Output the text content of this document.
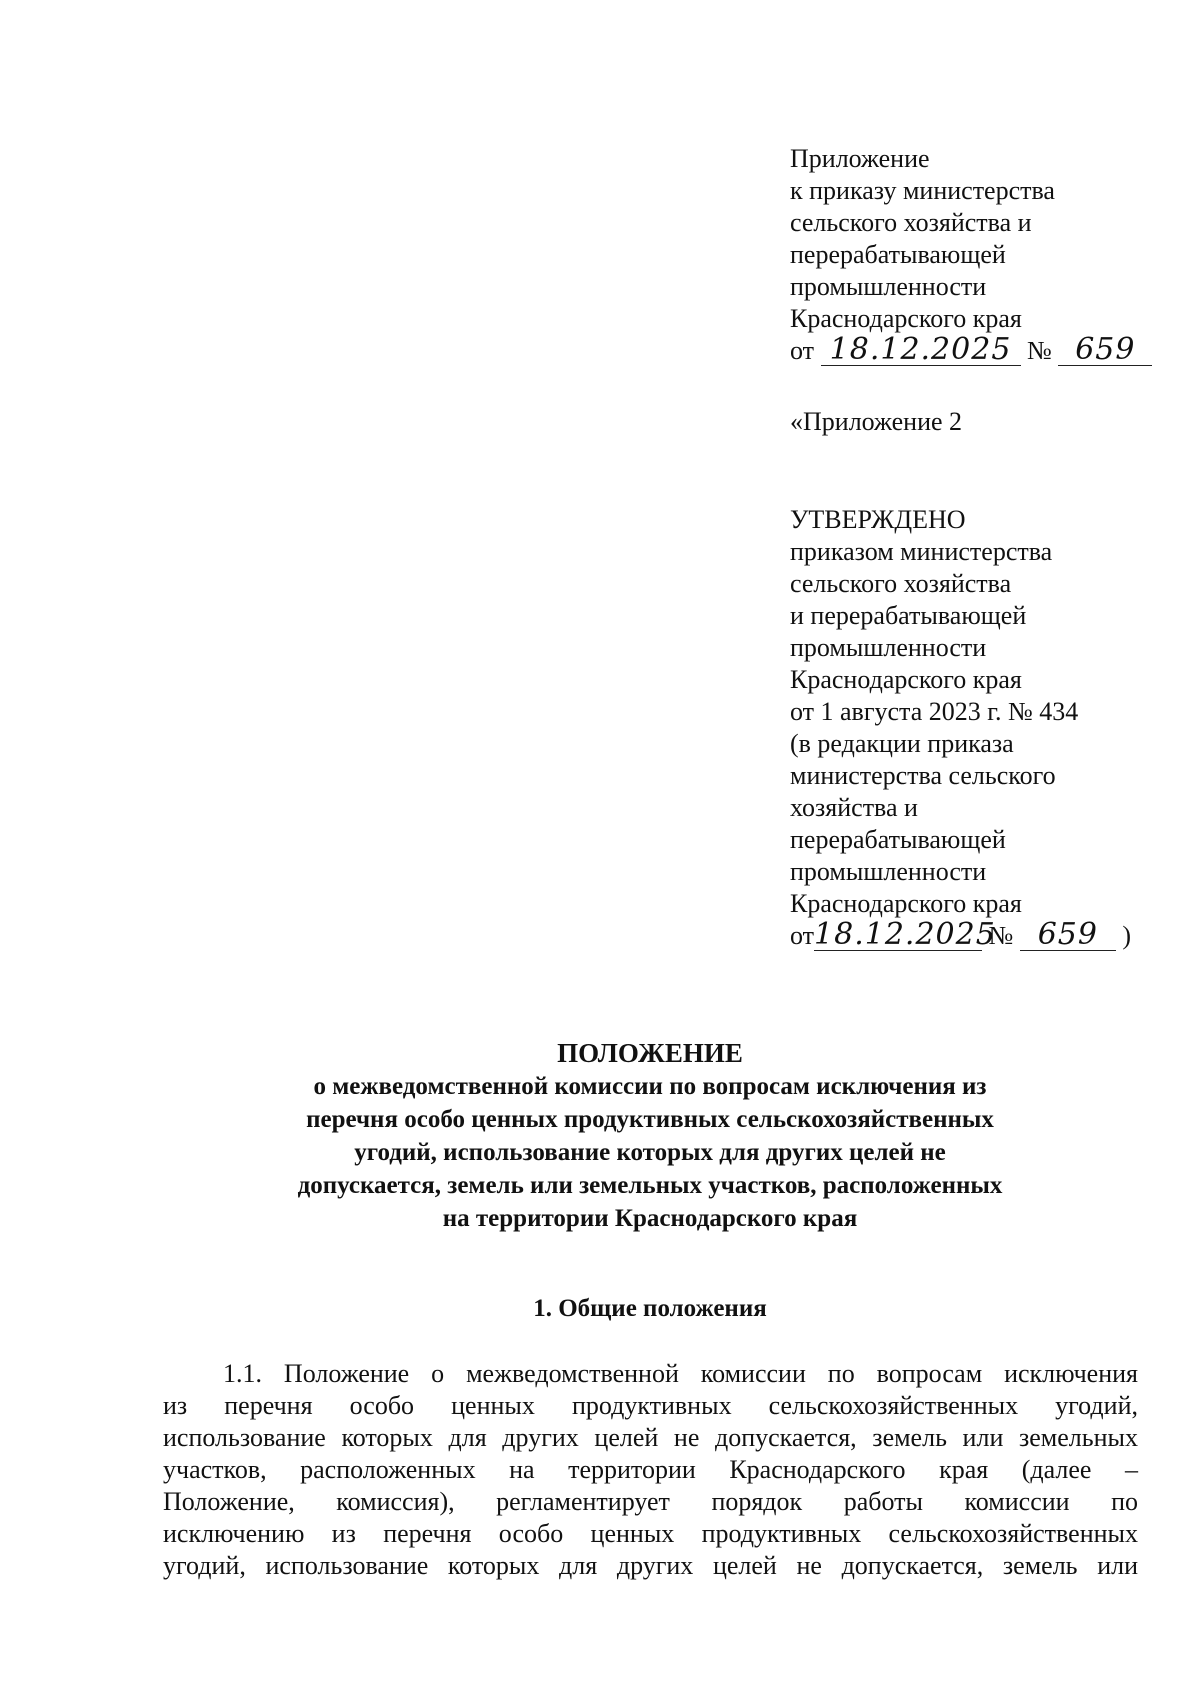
Приложение
к приказу министерства
сельского хозяйства и
перерабатывающей
промышленности
Краснодарского края
от 18.12.2025 № 659
«Приложение 2
УТВЕРЖДЕНО
приказом министерства
сельского хозяйства
и перерабатывающей
промышленности
Краснодарского края
от 1 августа 2023 г. № 434
(в редакции приказа
министерства сельского
хозяйства и
перерабатывающей
промышленности
Краснодарского края
от18.12.2025 № 659 )
ПОЛОЖЕНИЕ
о межведомственной комиссии по вопросам исключения из
перечня особо ценных продуктивных сельскохозяйственных
угодий, использование которых для других целей не
допускается, земель или земельных участков, расположенных
на территории Краснодарского края
1. Общие положения
1.1. Положение о межведомственной комиссии по вопросам исключения
из перечня особо ценных продуктивных сельскохозяйственных угодий,
использование которых для других целей не допускается, земель или земельных
участков, расположенных на территории Краснодарского края (далее –
Положение, комиссия), регламентирует порядок работы комиссии по
исключению из перечня особо ценных продуктивных сельскохозяйственных
угодий, использование которых для других целей не допускается, земель или
